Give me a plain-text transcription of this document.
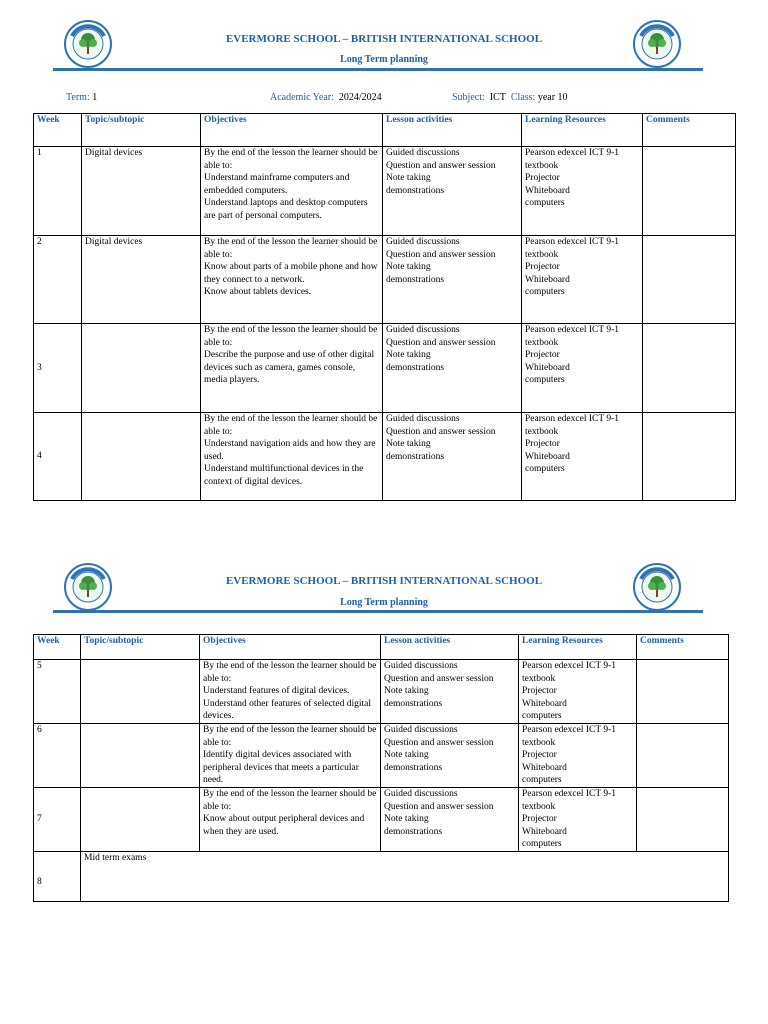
EVERMORE SCHOOL – BRITISH INTERNATIONAL SCHOOL
Long Term planning
Term: 1	Academic Year: 2024/2024	Subject: ICT Class: year 10
Week	Topic/subtopic	Objectives	Lesson activities	Learning Resources	Comments
1	Digital devices	By the end of the lesson the learner should be able to:
Understand mainframe computers and embedded computers.
Understand laptops and desktop computers are part of personal computers.	Guided discussions
Question and answer session
Note taking
demonstrations	Pearson edexcel ICT 9-1 textbook
Projector
Whiteboard
computers	

2	Digital devices	By the end of the lesson the learner should be able to:
Know about parts of a mobile phone and how they connect to a network.
Know about tablets devices.	Guided discussions
Question and answer session
Note taking
demonstrations	Pearson edexcel ICT 9-1 textbook
Projector
Whiteboard
computers	

3		By the end of the lesson the learner should be able to:
Describe the purpose and use of other digital devices such as camera, games console, media players.	Guided discussions
Question and answer session
Note taking
demonstrations	Pearson edexcel ICT 9-1 textbook
Projector
Whiteboard
computers	

4		By the end of the lesson the learner should be able to:
Understand navigation aids and how they are used.
Understand multifunctional devices in the context of digital devices.	Guided discussions
Question and answer session
Note taking
demonstrations	Pearson edexcel ICT 9-1 textbook
Projector
Whiteboard
computers	

EVERMORE SCHOOL – BRITISH INTERNATIONAL SCHOOL
Long Term planning
Week	Topic/subtopic	Objectives	Lesson activities	Learning Resources	Comments
5		By the end of the lesson the learner should be able to:
Understand features of digital devices.
Understand other features of selected digital devices.	Guided discussions
Question and answer session
Note taking
demonstrations	Pearson edexcel ICT 9-1 textbook
Projector
Whiteboard
computers	

6		By the end of the lesson the learner should be able to:
Identify digital devices associated with peripheral devices that meets a particular need.	Guided discussions
Question and answer session
Note taking
demonstrations	Pearson edexcel ICT 9-1 textbook
Projector
Whiteboard
computers	

7		By the end of the lesson the learner should be able to:
Know about output peripheral devices and when they are used.	Guided discussions
Question and answer session
Note taking
demonstrations	Pearson edexcel ICT 9-1 textbook
Projector
Whiteboard
computers	

8	Mid term exams				
